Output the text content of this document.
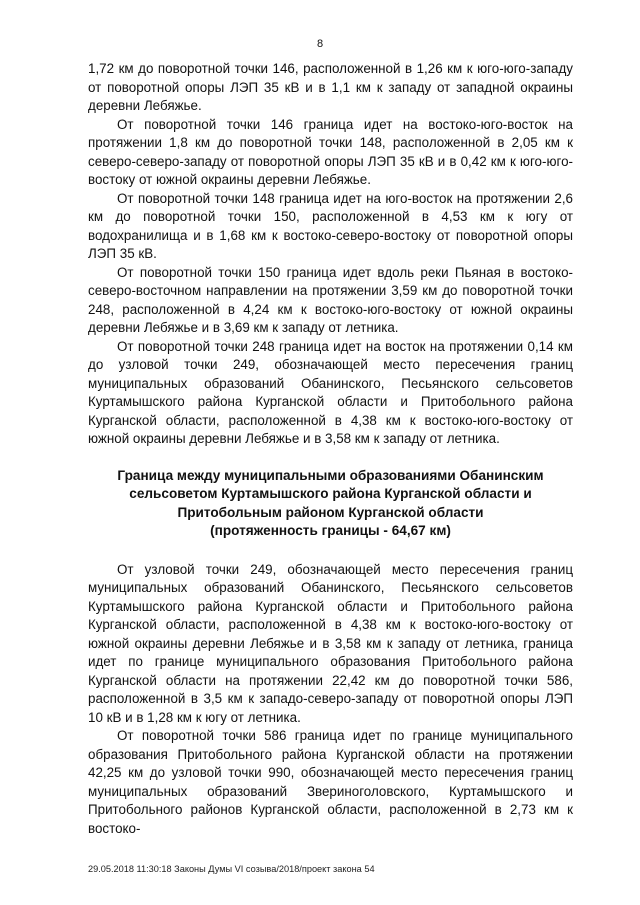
8

1,72 км до поворотной точки 146, расположенной в 1,26 км к юго-юго-западу от поворотной опоры ЛЭП 35 кВ и в 1,1 км к западу от западной окраины деревни Лебяжье.

От поворотной точки 146 граница идет на востоко-юго-восток на протяжении 1,8 км до поворотной точки 148, расположенной в 2,05 км к северо-северо-западу от поворотной опоры ЛЭП 35 кВ и в 0,42 км к юго-юго-востоку от южной окраины деревни Лебяжье.

От поворотной точки 148 граница идет на юго-восток на протяжении 2,6 км до поворотной точки 150, расположенной в 4,53 км к югу от водохранилища и в 1,68 км к востоко-северо-востоку от поворотной опоры ЛЭП 35 кВ.

От поворотной точки 150 граница идет вдоль реки Пьяная в востоко-северо-восточном направлении на протяжении 3,59 км до поворотной точки 248, расположенной в 4,24 км к востоко-юго-востоку от южной окраины деревни Лебяжье и в 3,69 км к западу от летника.

От поворотной точки 248 граница идет на восток на протяжении 0,14 км до узловой точки 249, обозначающей место пересечения границ муниципальных образований Обанинского, Песьянского сельсоветов Куртамышского района Курганской области и Притобольного района Курганской области, расположенной в 4,38 км к востоко-юго-востоку от южной окраины деревни Лебяжье и в 3,58 км к западу от летника.

Граница между муниципальными образованиями Обанинским
сельсоветом Куртамышского района Курганской области и
Притобольным районом Курганской области
(протяженность границы - 64,67 км)

От узловой точки 249, обозначающей место пересечения границ муниципальных образований Обанинского, Песьянского сельсоветов Куртамышского района Курганской области и Притобольного района Курганской области, расположенной в 4,38 км к востоко-юго-востоку от южной окраины деревни Лебяжье и в 3,58 км к западу от летника, граница идет по границе муниципального образования Притобольного района Курганской области на протяжении 22,42 км до поворотной точки 586, расположенной в 3,5 км к западо-северо-западу от поворотной опоры ЛЭП 10 кВ и в 1,28 км к югу от летника.

От поворотной точки 586 граница идет по границе муниципального образования Притобольного района Курганской области на протяжении 42,25 км до узловой точки 990, обозначающей место пересечения границ муниципальных образований Звериноголовского, Куртамышского и Притобольного районов Курганской области, расположенной в 2,73 км к востоко-

29.05.2018 11:30:18 Законы Думы VI созыва/2018/проект закона 54
